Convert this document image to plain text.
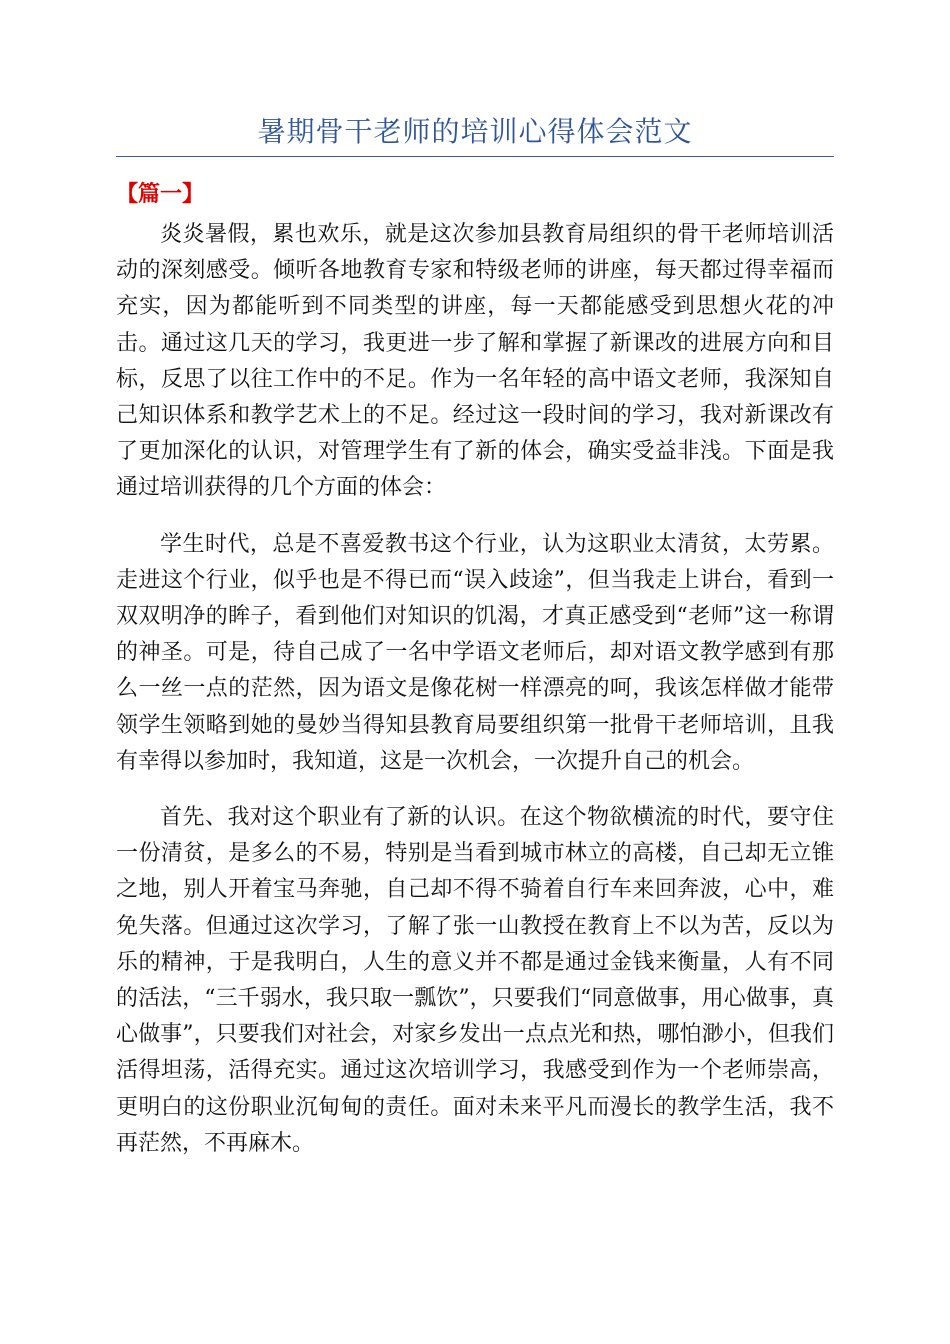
暑期骨干老师的培训心得体会范文
【篇一】

炎炎暑假，累也欢乐，就是这次参加县教育局组织的骨干老师培训活动的深刻感受。倾听各地教育专家和特级老师的讲座，每天都过得幸福而充实，因为都能听到不同类型的讲座，每一天都能感受到思想火花的冲击。通过这几天的学习，我更进一步了解和掌握了新课改的进展方向和目标，反思了以往工作中的不足。作为一名年轻的高中语文老师，我深知自己知识体系和教学艺术上的不足。经过这一段时间的学习，我对新课改有了更加深化的认识，对管理学生有了新的体会，确实受益非浅。下面是我通过培训获得的几个方面的体会：

学生时代，总是不喜爱教书这个行业，认为这职业太清贫，太劳累。走进这个行业，似乎也是不得已而“误入歧途”，但当我走上讲台，看到一双双明净的眸子，看到他们对知识的饥渴，才真正感受到“老师”这一称谓的神圣。可是，待自己成了一名中学语文老师后，却对语文教学感到有那么一丝一点的茫然，因为语文是像花树一样漂亮的呵，我该怎样做才能带领学生领略到她的曼妙当得知县教育局要组织第一批骨干老师培训，且我有幸得以参加时，我知道，这是一次机会，一次提升自己的机会。

首先、我对这个职业有了新的认识。在这个物欲横流的时代，要守住一份清贫，是多么的不易，特别是当看到城市林立的高楼，自己却无立锥之地，别人开着宝马奔驰，自己却不得不骑着自行车来回奔波，心中，难免失落。但通过这次学习，了解了张一山教授在教育上不以为苦，反以为乐的精神，于是我明白，人生的意义并不都是通过金钱来衡量，人有不同的活法，“三千弱水，我只取一瓢饮”，只要我们“同意做事，用心做事，真心做事”，只要我们对社会，对家乡发出一点点光和热，哪怕渺小，但我们活得坦荡，活得充实。通过这次培训学习，我感受到作为一个老师崇高，更明白的这份职业沉甸甸的责任。面对未来平凡而漫长的教学生活，我不再茫然，不再麻木。
